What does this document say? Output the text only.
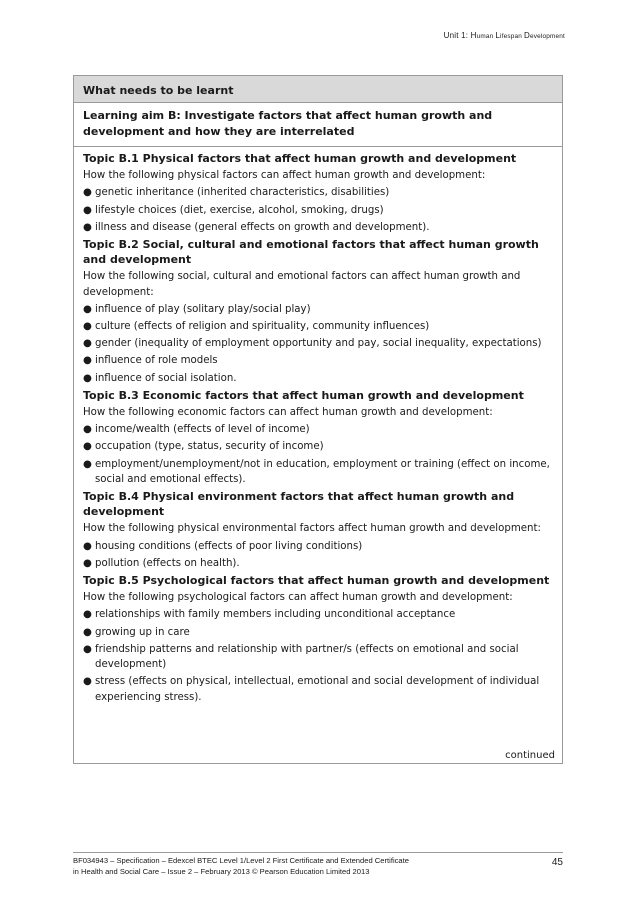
Unit 1: Human Lifespan Development
What needs to be learnt
Learning aim B: Investigate factors that affect human growth and development and how they are interrelated
Topic B.1 Physical factors that affect human growth and development
How the following physical factors can affect human growth and development:
● genetic inheritance (inherited characteristics, disabilities)
● lifestyle choices (diet, exercise, alcohol, smoking, drugs)
● illness and disease (general effects on growth and development).
Topic B.2 Social, cultural and emotional factors that affect human growth and development
How the following social, cultural and emotional factors can affect human growth and development:
● influence of play (solitary play/social play)
● culture (effects of religion and spirituality, community influences)
● gender (inequality of employment opportunity and pay, social inequality, expectations)
● influence of role models
● influence of social isolation.
Topic B.3 Economic factors that affect human growth and development
How the following economic factors can affect human growth and development:
● income/wealth (effects of level of income)
● occupation (type, status, security of income)
● employment/unemployment/not in education, employment or training (effect on income, social and emotional effects).
Topic B.4 Physical environment factors that affect human growth and development
How the following physical environmental factors affect human growth and development:
● housing conditions (effects of poor living conditions)
● pollution (effects on health).
Topic B.5 Psychological factors that affect human growth and development
How the following psychological factors can affect human growth and development:
● relationships with family members including unconditional acceptance
● growing up in care
● friendship patterns and relationship with partner/s (effects on emotional and social development)
● stress (effects on physical, intellectual, emotional and social development of individual experiencing stress).
continued
BF034943 – Specification – Edexcel BTEC Level 1/Level 2 First Certificate and Extended Certificate
in Health and Social Care – Issue 2 – February 2013 © Pearson Education Limited 2013
45
